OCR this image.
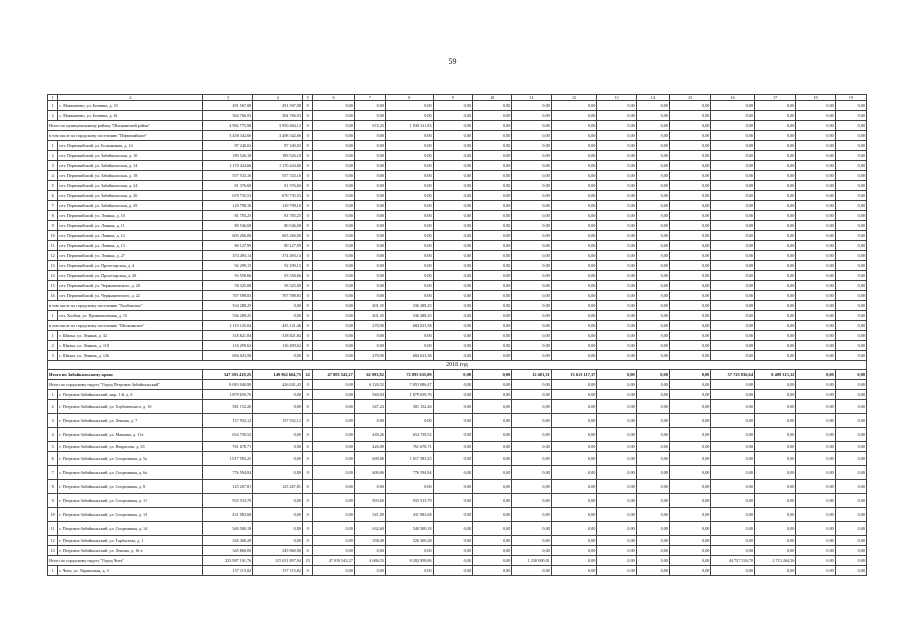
59
1	2	3	4	5	6	7	8	9	10	11	12	13	14	15	16	17	18	19
1	с. Маккавеево, ул. Ботвина, д. 53	291 567,08	291 567,08	0	0,00	0,00	0,00	0,00	0,00	0,00	0,00	0,00	0,00	0,00	0,00	0,00	0,00	0,00
2	с. Маккавеево, ул. Ботвина, д. 61	304 766,93	304 766,93	0	0,00	0,00	0,00	0,00	0,00	0,00	0,00	0,00	0,00	0,00	0,00	0,00	0,00	0,00
Итого по муниципальному району "Шилкинский район"		4 982 775,90	3 950 464,12	0	0,00	672,25	1 030 311,83	0,00	0,00	0,00	0,00	0,00	0,00	0,00	0,00	0,00	0,00	0,00
в том числе по городскому поселению "Первомайское"		3 458 342,66	3 458 342,66	0	0,00	0,00	0,00	0,00	0,00	0,00	0,00	0,00	0,00	0,00	0,00	0,00	0,00	0,00
1	пгт. Первомайский, ул. Больничная, д. 14	87 240,02	87 240,02	0	0,00	0,00	0,00	0,00	0,00	0,00	0,00	0,00	0,00	0,00	0,00	0,00	0,00	0,00
2	пгт. Первомайский, ул. Забайкальская, д. 10	189 526,18	189 526,18	0	0,00	0,00	0,00	0,00	0,00	0,00	0,00	0,00	0,00	0,00	0,00	0,00	0,00	0,00
3	пгт. Первомайский, ул. Забайкальская, д. 14	1 170 424,66	1 170 424,66	0	0,00	0,00	0,00	0,00	0,00	0,00	0,00	0,00	0,00	0,00	0,00	0,00	0,00	0,00
4	пгт. Первомайский, ул. Забайкальская, д. 18	557 533,16	557 533,16	0	0,00	0,00	0,00	0,00	0,00	0,00	0,00	0,00	0,00	0,00	0,00	0,00	0,00	0,00
5	пгт. Первомайский, ул. Забайкальская, д. 24	81 376,60	81 376,60	0	0,00	0,00	0,00	0,00	0,00	0,00	0,00	0,00	0,00	0,00	0,00	0,00	0,00	0,00
6	пгт. Первомайский, ул. Забайкальская, д. 26	670 735,53	670 735,53	0	0,00	0,00	0,00	0,00	0,00	0,00	0,00	0,00	0,00	0,00	0,00	0,00	0,00	0,00
7	пгт. Первомайский, ул. Забайкальская, д. 29	129 798,16	129 798,16	0	0,00	0,00	0,00	0,00	0,00	0,00	0,00	0,00	0,00	0,00	0,00	0,00	0,00	0,00
8	пгт. Первомайский, ул. Ленина, д. 10	81 783,25	81 783,25	0	0,00	0,00	0,00	0,00	0,00	0,00	0,00	0,00	0,00	0,00	0,00	0,00	0,00	0,00
9	пгт. Первомайский, ул. Ленина, д. 11	80 546,68	80 546,68	0	0,00	0,00	0,00	0,00	0,00	0,00	0,00	0,00	0,00	0,00	0,00	0,00	0,00	0,00
10	пгт. Первомайский, ул. Ленина, д. 12	603 266,00	603 266,00	0	0,00	0,00	0,00	0,00	0,00	0,00	0,00	0,00	0,00	0,00	0,00	0,00	0,00	0,00
11	пгт. Первомайский, ул. Ленина, д. 13	80 127,99	80 127,99	0	0,00	0,00	0,00	0,00	0,00	0,00	0,00	0,00	0,00	0,00	0,00	0,00	0,00	0,00
12	пгт. Первомайский, ул. Ленина, д. 27	374 493,14	374 493,14	0	0,00	0,00	0,00	0,00	0,00	0,00	0,00	0,00	0,00	0,00	0,00	0,00	0,00	0,00
13	пгт. Первомайский, ул. Пролетарская, д. 4	92 299,15	92 299,15	0	0,00	0,00	0,00	0,00	0,00	0,00	0,00	0,00	0,00	0,00	0,00	0,00	0,00	0,00
14	пгт. Первомайский, ул. Пролетарская, д. 20	93 558,66	93 558,66	0	0,00	0,00	0,00	0,00	0,00	0,00	0,00	0,00	0,00	0,00	0,00	0,00	0,00	0,00
15	пгт. Первомайский, ул. Чернышевского, д. 20	58 325,00	58 325,00	0	0,00	0,00	0,00	0,00	0,00	0,00	0,00	0,00	0,00	0,00	0,00	0,00	0,00	0,00
16	пгт. Первомайский, ул. Чернышевского, д. 22	707 598,83	707 598,83	0	0,00	0,00	0,00	0,00	0,00	0,00	0,00	0,00	0,00	0,00	0,00	0,00	0,00	0,00
в том числе по городскому поселению "Холбонское"		334 288,25	0,00	0	0,00	401,35	336 288,25	0,00	0,00	0,00	0,00	0,00	0,00	0,00	0,00	0,00	0,00	0,00
1	пгт. Холбон, ул. Промышленная, д. 15	336 288,25	0,00	0	0,00	401,35	336 288,25	0,00	0,00	0,00	0,00	0,00	0,00	0,00	0,00	0,00	0,00	0,00
в том числе по городскому поселению "Шилкинское"		1 119 145,04	435 121,46	0	0,00	270,90	684 023,58	0,00	0,00	0,00	0,00	0,00	0,00	0,00	0,00	0,00	0,00	0,00
1	г. Шилка, ул. Ленина, д. 32	318 821,84	318 821,84	0	0,00	0,00	0,00	0,00	0,00	0,00	0,00	0,00	0,00	0,00	0,00	0,00	0,00	0,00
2	г. Шилка, ул. Ленина, д. 118	116 299,62	116 299,62	0	0,00	0,00	0,00	0,00	0,00	0,00	0,00	0,00	0,00	0,00	0,00	0,00	0,00	0,00
3	г. Шилка, ул. Ленина, д. 126	684 023,58	0,00	0	0,00	270,90	684 023,58	0,00	0,00	0,00	0,00	0,00	0,00	0,00	0,00	0,00	0,00	0,00
2018 год																		
Итого по Забайкальскому краю:		347 393 410,25	149 962 664,75	22	47 803 543,27	62 093,82	72 095 635,00	0,00	0,00	12 401,31	13 613 117,37	0,00	0,00	0,00	57 723 036,64	8 409 313,32	0,00	0,00
Итого по городскому округу "Город Петровск-Забайкальский"		8 083 040,90	426 041,43	0	0,00	6 120,52	7 853 086,47	0,00	0,00	0,00	0,00	0,00	0,00	0,00	0,00	0,00	0,00	0,00
1	г. Петровск-Забайкальский, мкр. 1-й, д. 6	1 879 659,76	0,00	0	0,00	940,04	1 879 659,76	0,00	0,00	0,00	0,00	0,00	0,00	0,00	0,00	0,00	0,00	0,00
2	г. Петровск-Забайкальский, ул. Горбачевского, д. 10	581 152,26	0,00	0	0,00	547,24	581 152,26	0,00	0,00	0,00	0,00	0,00	0,00	0,00	0,00	0,00	0,00	0,00
3	г. Петровск-Забайкальский, ул. Ленина, д. 7	157 932,12	157 932,12	0	0,00	0,00	0,00	0,00	0,00	0,00	0,00	0,00	0,00	0,00	0,00	0,00	0,00	0,00
4	г. Петровск-Забайкальский, ул. Макаова, д. 11/г	654 739,52	0,00	0	0,00	449,26	654 739,52	0,00	0,00	0,00	0,00	0,00	0,00	0,00	0,00	0,00	0,00	0,00
5	г. Петровск-Забайкальский, ул. Некрасова, д. 35	761 678,71	0,00	0	0,00	426,08	761 678,71	0,00	0,00	0,00	0,00	0,00	0,00	0,00	0,00	0,00	0,00	0,00
6	г. Петровск-Забайкальский, ул. Спортивная, д. 5а	1 017 583,25	0,00	0	0,00	609,06	1 017 583,25	0,00	0,00	0,00	0,00	0,00	0,00	0,00	0,00	0,00	0,00	0,00
7	г. Петровск-Забайкальский, ул. Спортивная, д. 6а	776 594,84	0,00	0	0,00	609,06	776 594,84	0,00	0,00	0,00	0,00	0,00	0,00	0,00	0,00	0,00	0,00	0,00
8	г. Петровск-Забайкальский, ул. Спортивная, д. 8	125 267,81	125 267,81	0	0,00	0,00	0,00	0,00	0,00	0,00	0,00	0,00	0,00	0,00	0,00	0,00	0,00	0,00
9	г. Петровск-Забайкальский, ул. Спортивная, д. 11	933 533,79	0,00	0	0,00	903,60	933 533,79	0,00	0,00	0,00	0,00	0,00	0,00	0,00	0,00	0,00	0,00	0,00
10	г. Петровск-Забайкальский, ул. Спортивная, д. 13	431 983,68	0,00	0	0,00	541,09	431 983,68	0,00	0,00	0,00	0,00	0,00	0,00	0,00	0,00	0,00	0,00	0,00
11	г. Петровск-Забайкальский, ул. Спортивная, д. 14	540 500,18	0,00	0	0,00	632,60	540 500,18	0,00	0,00	0,00	0,00	0,00	0,00	0,00	0,00	0,00	0,00	0,00
12	г. Петровск-Забайкальский, ул. Тарбагатая, д. 1	326 360,28	0,00	0	0,00	358,49	326 360,28	0,00	0,00	0,00	0,00	0,00	0,00	0,00	0,00	0,00	0,00	0,00
13	г. Петровск-Забайкальский, ул. Ленина, д. 16-а	345 860,00	345 860,00	0	0,00	0,00	0,00	0,00	0,00	0,00	0,00	0,00	0,00	0,00	0,00	0,00	0,00	0,00
Итого по городскому округу "Город Чита"		223 987 191,76	115 031 897,94	23	47 019 543,27	4 686,55	8 202 958,86	0,00	0,00	1 230 000,01	0,00	0,00	0,00	0,00	44 727 526,70	2 715 264,56	0,00	0,00
1	г. Чита, ул. Украинская, д. 3	157 115,82	157 115,82	0	0,00	0,00	0,00	0,00	0,00	0,00	0,00	0,00	0,00	0,00	0,00	0,00	0,00	0,00
